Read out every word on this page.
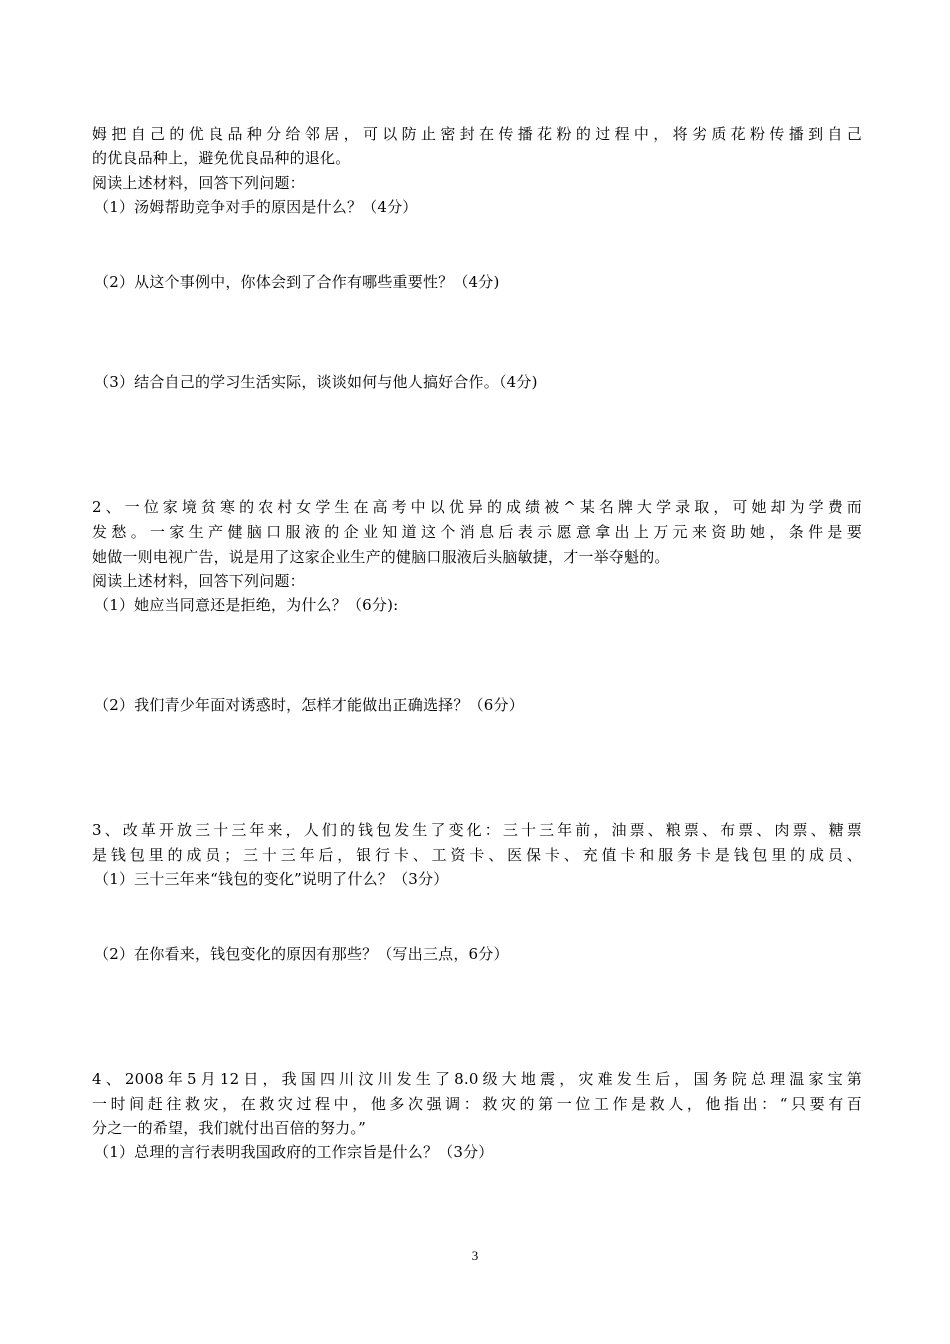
姆把自己的优良品种分给邻居，可以防止密封在传播花粉的过程中，将劣质花粉传播到自己
的优良品种上，避免优良品种的退化。
阅读上述材料，回答下列问题：
（1）汤姆帮助竞争对手的原因是什么？（4分）
（2）从这个事例中，你体会到了合作有哪些重要性？（4分)
（3）结合自己的学习生活实际，谈谈如何与他人搞好合作。（4分)
2、一位家境贫寒的农村女学生在高考中以优异的成绩被^某名牌大学录取，可她却为学费而
发愁。一家生产健脑口服液的企业知道这个消息后表示愿意拿出上万元来资助她，条件是要
她做一则电视广告，说是用了这家企业生产的健脑口服液后头脑敏捷，才一举夺魁的。
阅读上述材料，回答下列问题：
（1）她应当同意还是拒绝，为什么？（6分):
（2）我们青少年面对诱惑时，怎样才能做出正确选择？（6分）
3、改革开放三十三年来，人们的钱包发生了变化：三十三年前，油票、粮票、布票、肉票、糖票
是钱包里的成员；三十三年后，银行卡、工资卡、医保卡、充值卡和服务卡是钱包里的成员、
（1）三十三年来“钱包的变化”说明了什么？（3分）
（2）在你看来，钱包变化的原因有那些？（写出三点，6分）
4、2008年5月12日，我国四川汶川发生了8.0级大地震，灾难发生后，国务院总理温家宝第
一时间赶往救灾，在救灾过程中，他多次强调：救灾的第一位工作是救人，他指出：“只要有百
分之一的希望，我们就付出百倍的努力。”
（1）总理的言行表明我国政府的工作宗旨是什么？（3分）
3
